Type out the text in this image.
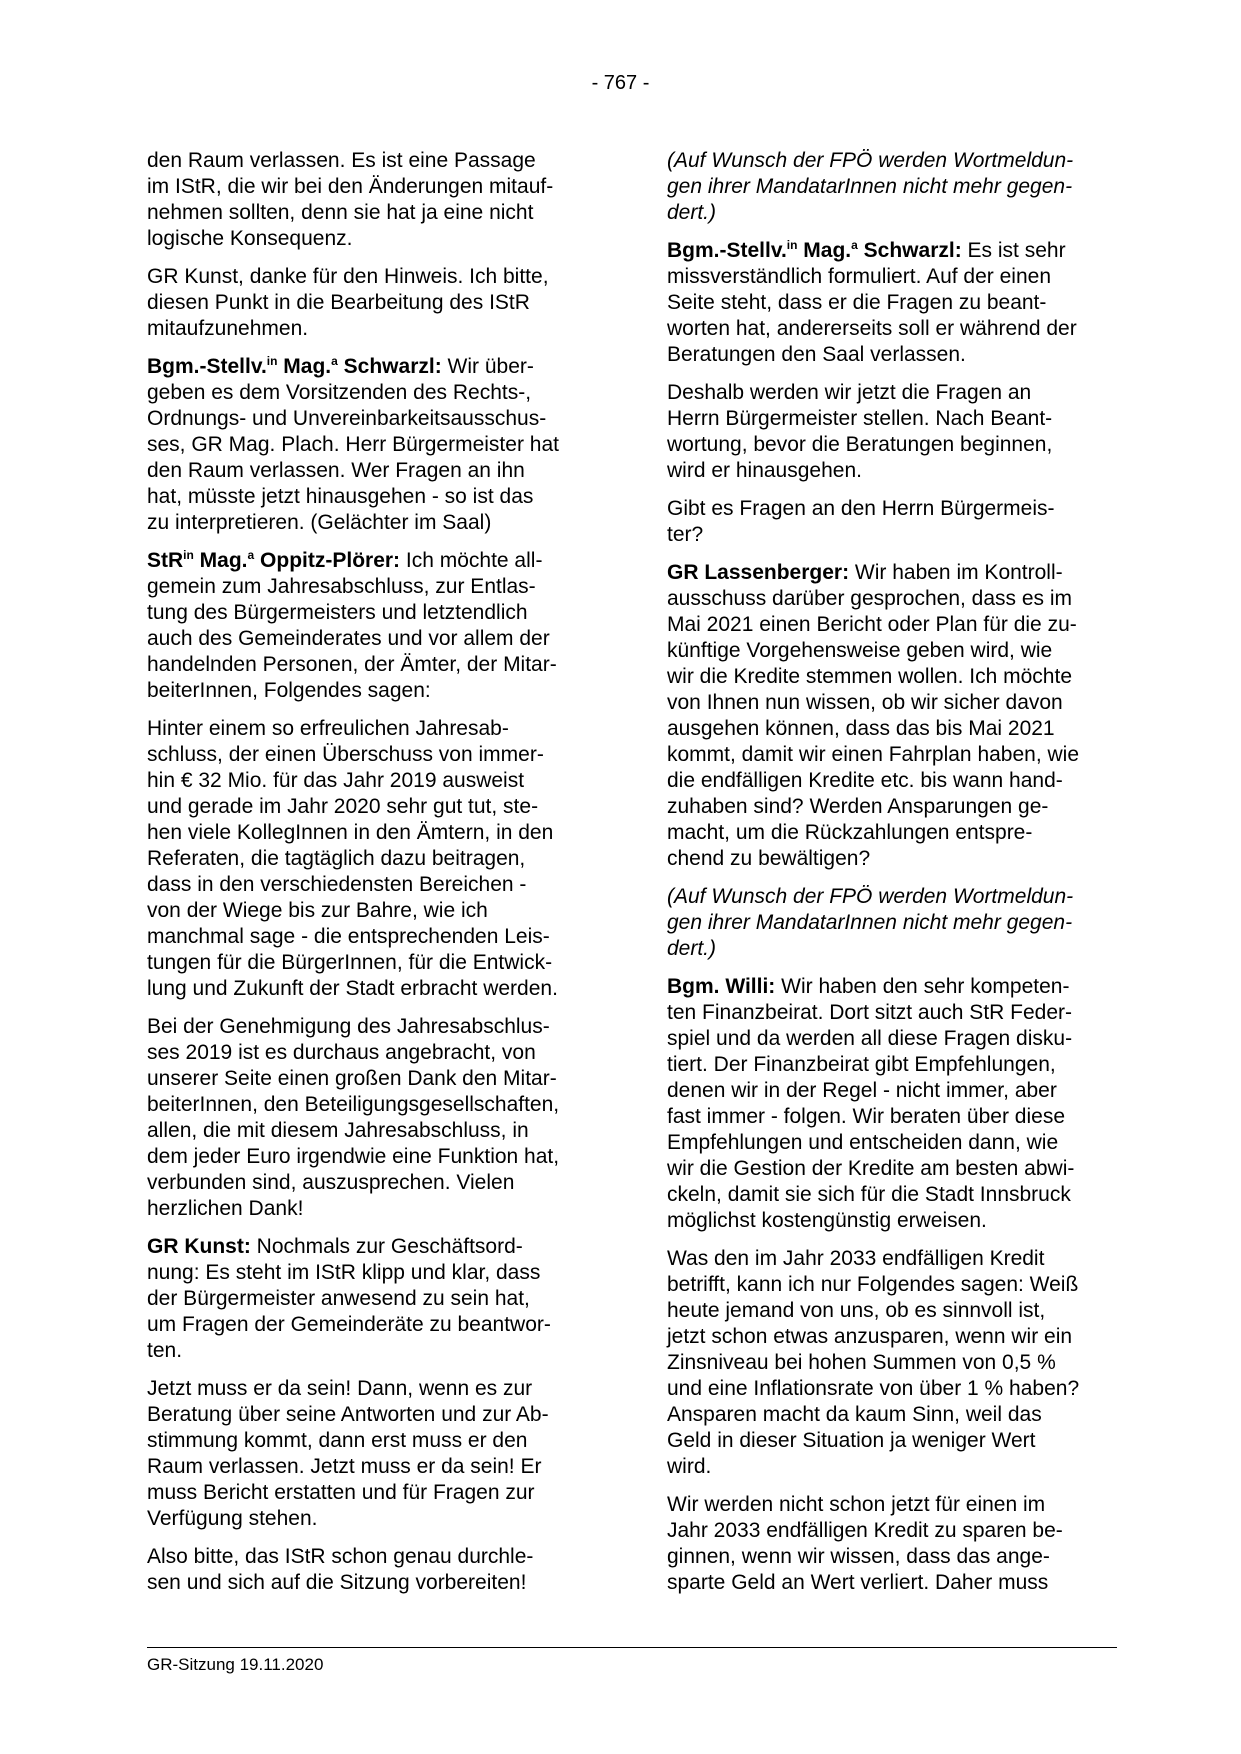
- 767 -

den Raum verlassen. Es ist eine Passage
im IStR, die wir bei den Änderungen mitauf-
nehmen sollten, denn sie hat ja eine nicht
logische Konsequenz.

GR Kunst, danke für den Hinweis. Ich bitte,
diesen Punkt in die Bearbeitung des IStR
mitaufzunehmen.

Bgm.-Stellv.$^{in}$ Mag.$^a$ Schwarzl: Wir über-
geben es dem Vorsitzenden des Rechts-,
Ordnungs- und Unvereinbarkeitsausschus-
ses, GR Mag. Plach. Herr Bürgermeister hat
den Raum verlassen. Wer Fragen an ihn
hat, müsste jetzt hinausgehen - so ist das
zu interpretieren. (Gelächter im Saal)

StR$^{in}$ Mag.$^a$ Oppitz-Plörer: Ich möchte all-
gemein zum Jahresabschluss, zur Entlas-
tung des Bürgermeisters und letztendlich
auch des Gemeinderates und vor allem der
handelnden Personen, der Ämter, der Mitar-
beiterInnen, Folgendes sagen:

Hinter einem so erfreulichen Jahresab-
schluss, der einen Überschuss von immer-
hin € 32 Mio. für das Jahr 2019 ausweist
und gerade im Jahr 2020 sehr gut tut, ste-
hen viele KollegInnen in den Ämtern, in den
Referaten, die tagtäglich dazu beitragen,
dass in den verschiedensten Bereichen -
von der Wiege bis zur Bahre, wie ich
manchmal sage - die entsprechenden Leis-
tungen für die BürgerInnen, für die Entwick-
lung und Zukunft der Stadt erbracht werden.

Bei der Genehmigung des Jahresabschlus-
ses 2019 ist es durchaus angebracht, von
unserer Seite einen großen Dank den Mitar-
beiterInnen, den Beteiligungsgesellschaften,
allen, die mit diesem Jahresabschluss, in
dem jeder Euro irgendwie eine Funktion hat,
verbunden sind, auszusprechen. Vielen
herzlichen Dank!

GR Kunst: Nochmals zur Geschäftsord-
nung: Es steht im IStR klipp und klar, dass
der Bürgermeister anwesend zu sein hat,
um Fragen der Gemeinderäte zu beantwor-
ten.

Jetzt muss er da sein! Dann, wenn es zur
Beratung über seine Antworten und zur Ab-
stimmung kommt, dann erst muss er den
Raum verlassen. Jetzt muss er da sein! Er
muss Bericht erstatten und für Fragen zur
Verfügung stehen.

Also bitte, das IStR schon genau durchle-
sen und sich auf die Sitzung vorbereiten!

(Auf Wunsch der FPÖ werden Wortmeldun-
gen ihrer MandatarInnen nicht mehr gegen-
dert.)

Bgm.-Stellv.$^{in}$ Mag.$^a$ Schwarzl: Es ist sehr
missverständlich formuliert. Auf der einen
Seite steht, dass er die Fragen zu beant-
worten hat, andererseits soll er während der
Beratungen den Saal verlassen.

Deshalb werden wir jetzt die Fragen an
Herrn Bürgermeister stellen. Nach Beant-
wortung, bevor die Beratungen beginnen,
wird er hinausgehen.

Gibt es Fragen an den Herrn Bürgermeis-
ter?

GR Lassenberger: Wir haben im Kontroll-
ausschuss darüber gesprochen, dass es im
Mai 2021 einen Bericht oder Plan für die zu-
künftige Vorgehensweise geben wird, wie
wir die Kredite stemmen wollen. Ich möchte
von Ihnen nun wissen, ob wir sicher davon
ausgehen können, dass das bis Mai 2021
kommt, damit wir einen Fahrplan haben, wie
die endfälligen Kredite etc. bis wann hand-
zuhaben sind? Werden Ansparungen ge-
macht, um die Rückzahlungen entspre-
chend zu bewältigen?

(Auf Wunsch der FPÖ werden Wortmeldun-
gen ihrer MandatarInnen nicht mehr gegen-
dert.)

Bgm. Willi: Wir haben den sehr kompeten-
ten Finanzbeirat. Dort sitzt auch StR Feder-
spiel und da werden all diese Fragen disku-
tiert. Der Finanzbeirat gibt Empfehlungen,
denen wir in der Regel - nicht immer, aber
fast immer - folgen. Wir beraten über diese
Empfehlungen und entscheiden dann, wie
wir die Gestion der Kredite am besten abwi-
ckeln, damit sie sich für die Stadt Innsbruck
möglichst kostengünstig erweisen.

Was den im Jahr 2033 endfälligen Kredit
betrifft, kann ich nur Folgendes sagen: Weiß
heute jemand von uns, ob es sinnvoll ist,
jetzt schon etwas anzusparen, wenn wir ein
Zinsniveau bei hohen Summen von 0,5 %
und eine Inflationsrate von über 1 % haben?
Ansparen macht da kaum Sinn, weil das
Geld in dieser Situation ja weniger Wert
wird.

Wir werden nicht schon jetzt für einen im
Jahr 2033 endfälligen Kredit zu sparen be-
ginnen, wenn wir wissen, dass das ange-
sparte Geld an Wert verliert. Daher muss

GR-Sitzung 19.11.2020
